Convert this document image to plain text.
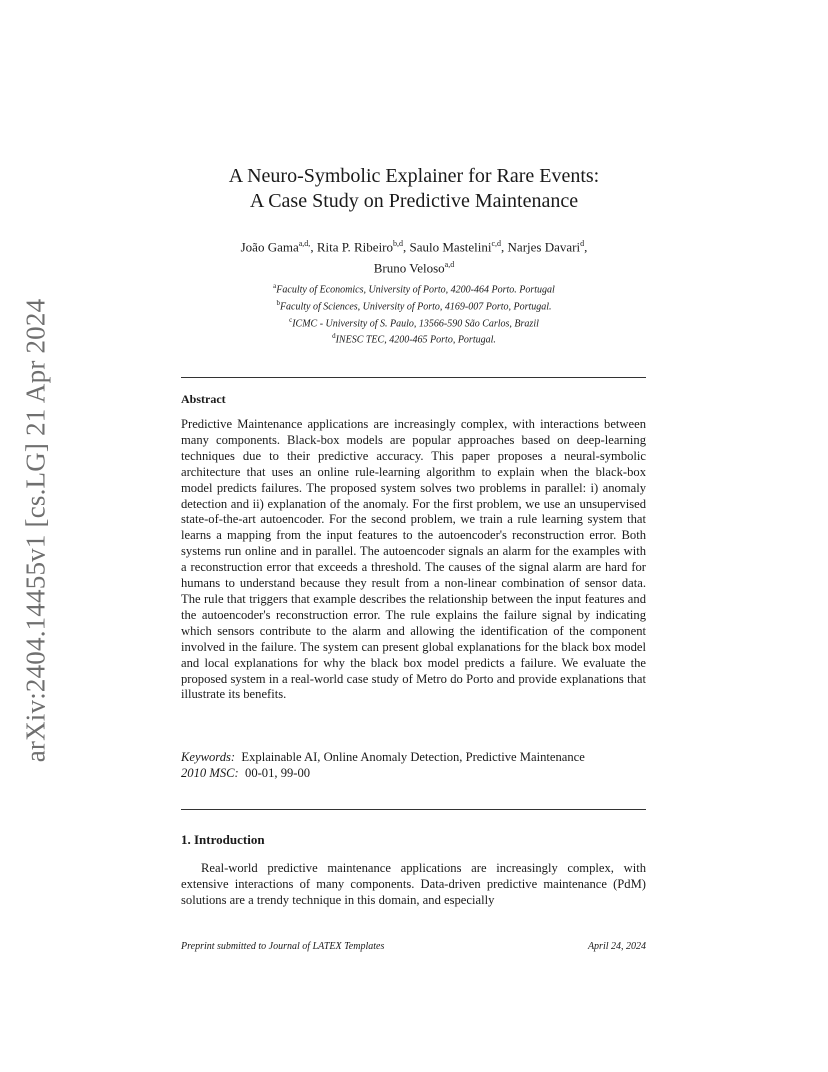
arXiv:2404.14455v1 [cs.LG] 21 Apr 2024
A Neuro-Symbolic Explainer for Rare Events:
A Case Study on Predictive Maintenance
João Gama$^{a,d,}$, Rita P. Ribeiro$^{b,d}$, Saulo Mastelini$^{c,d}$, Narjes Davari$^d$,
Bruno Veloso$^{a,d}$
$^a$Faculty of Economics, University of Porto, 4200-464 Porto. Portugal
$^b$Faculty of Sciences, University of Porto, 4169-007 Porto, Portugal.
$^c$ICMC - University of S. Paulo, 13566-590 São Carlos, Brazil
$^d$INESC TEC, 4200-465 Porto, Portugal.
Abstract

Predictive Maintenance applications are increasingly complex, with interactions between many components. Black-box models are popular approaches based on deep-learning techniques due to their predictive accuracy. This paper proposes a neural-symbolic architecture that uses an online rule-learning algorithm to explain when the black-box model predicts failures. The proposed system solves two problems in parallel: i) anomaly detection and ii) explanation of the anomaly. For the first problem, we use an unsupervised state-of-the-art autoencoder. For the second problem, we train a rule learning system that learns a mapping from the input features to the autoencoder's reconstruction error. Both systems run online and in parallel. The autoencoder signals an alarm for the examples with a reconstruction error that exceeds a threshold. The causes of the signal alarm are hard for humans to understand because they result from a non-linear combination of sensor data. The rule that triggers that example describes the relationship between the input features and the autoencoder's reconstruction error. The rule explains the failure signal by indicating which sensors contribute to the alarm and allowing the identification of the component involved in the failure. The system can present global explanations for the black box model and local explanations for why the black box model predicts a failure. We evaluate the proposed system in a real-world case study of Metro do Porto and provide explanations that illustrate its benefits.

Keywords: Explainable AI, Online Anomaly Detection, Predictive Maintenance
2010 MSC: 00-01, 99-00
1. Introduction

Real-world predictive maintenance applications are increasingly complex, with extensive interactions of many components. Data-driven predictive maintenance (PdM) solutions are a trendy technique in this domain, and especially

Preprint submitted to Journal of LATEX Templates	April 24, 2024
